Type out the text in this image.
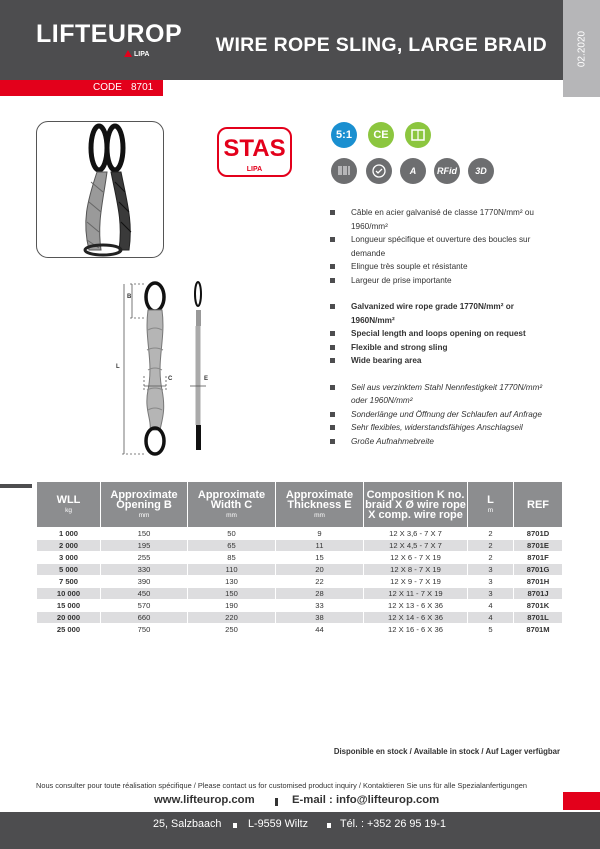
LIFTEUROP
LIPA	WIRE ROPE SLING, LARGE BRAID	02.2020
CODE 8701
STAS
LIPA
5:1	CE
A	RFid	3D
Câble en acier galvanisé de classe 1770N/mm² ou 1960/mm²
Longueur spécifique et ouverture des boucles sur demande
Elingue très souple et résistante
Largeur de prise importante
Galvanized wire rope grade 1770N/mm² or 1960N/mm²
Special length and loops opening on request
Flexible and strong sling
Wide bearing area
Seil aus verzinktem Stahl Nennfestigkeit 1770N/mm² oder 1960N/mm²
Sonderlänge und Öffnung der Schlaufen auf Anfrage
Sehr flexibles, widerstandsfähiges Anschlagseil
Große Aufnahmebreite
B
L
C	E
WLL
kg	Approximate Opening B
mm	Approximate Width C
mm	Approximate Thickness E
mm	Composition K no. braid X Ø wire rope X comp. wire rope	L
m	REF

1 000	150	50	9	12 X 3,6 - 7 X 7	2	8701D
2 000	195	65	11	12 X 4,5 - 7 X 7	2	8701E
3 000	255	85	15	12 X 6 - 7 X 19	2	8701F
5 000	330	110	20	12 X 8 - 7 X 19	3	8701G
7 500	390	130	22	12 X 9 - 7 X 19	3	8701H
10 000	450	150	28	12 X 11 - 7 X 19	3	8701J
15 000	570	190	33	12 X 13 - 6 X 36	4	8701K
20 000	660	220	38	12 X 14 - 6 X 36	4	8701L
25 000	750	250	44	12 X 16 - 6 X 36	5	8701M
Disponible en stock / Available in stock / Auf Lager verfügbar
Nous consulter pour toute réalisation spécifique / Please contact us for customised product inquiry / Kontaktieren Sie uns für alle Spezialanfertigungen
www.lifteurop.com	E-mail : info@lifteurop.com
25, Salzbaach L-9559 Wiltz	Tél. : +352 26 95 19-1
